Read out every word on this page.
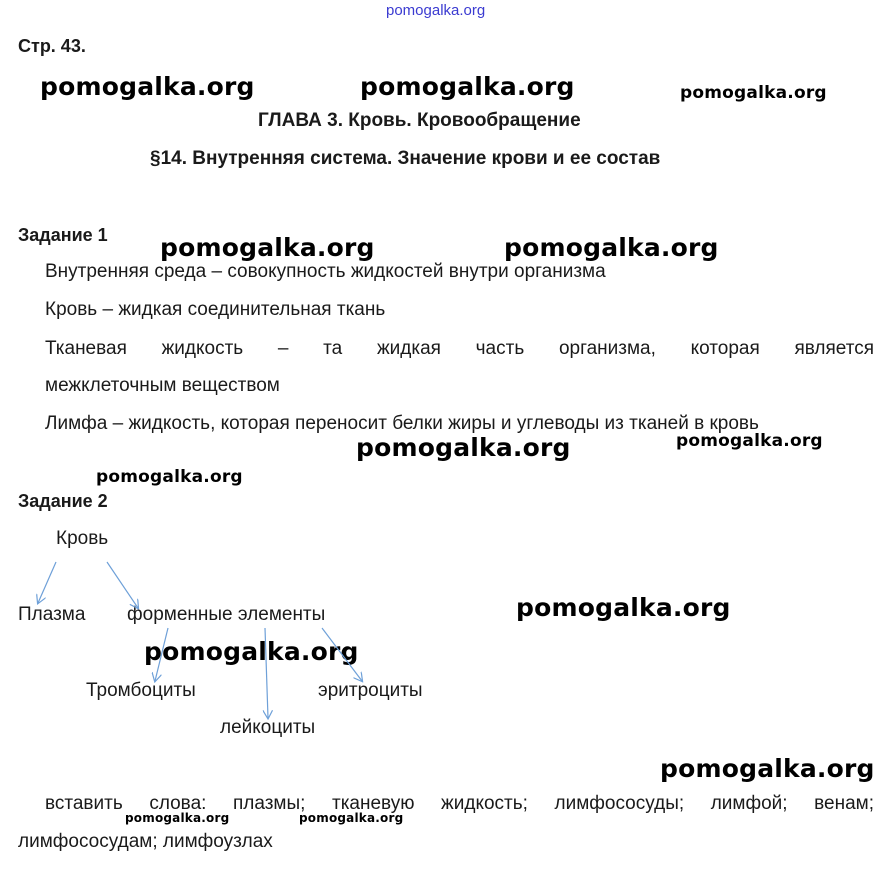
pomogalka.org
Стр. 43.
pomogalka.org	pomogalka.org	pomogalka.org
ГЛАВА 3. Кровь. Кровообращение
§14. Внутренняя система. Значение крови и ее состав
Задание 1 pomogalka.org	pomogalka.org
Внутренняя среда – совокупность жидкостей внутри организма
Кровь – жидкая соединительная ткань
Тканевая жидкость – та жидкая часть организма, которая является
межклеточным веществом
Лимфа – жидкость, которая переносит белки жиры и углеводы из тканей в кровь
pomogalka.org	pomogalka.org
pomogalka.org
Задание 2
Кровь
Плазма форменные элементы	pomogalka.org
pomogalka.org
Тромбоциты	эритроциты
лейкоциты
pomogalka.org
вставить слова: плазмы; тканевую жидкость; лимфососуды; лимфой; венам;
pomogalka.org	pomogalka.org
лимфососудам; лимфоузлах
